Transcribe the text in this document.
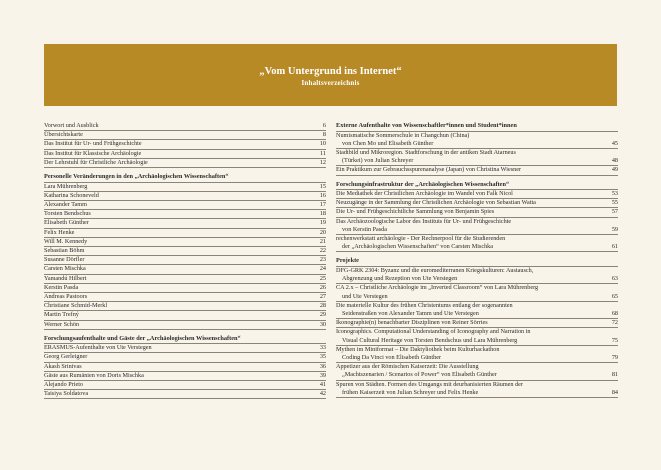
„Vom Untergrund ins Internet“
Inhaltsverzeichnis
Vorwort und Ausblick	6
Übersichtskarte	8
Das Institut für Ur- und Frühgeschichte	10
Das Institut für Klassische Archäologie	11
Der Lehrstuhl für Christliche Archäologie	12
Personelle Veränderungen in den „Archäologischen Wissenschaften“
Lara Mührenberg	15
Katharina Schoneveld	16
Alexander Tamm	17
Torsten Bendschus	18
Elisabeth Günther	19
Felix Henke	20
Will M. Kennedy	21
Sebastian Böhm	22
Susanne Dörfler	23
Carsten Mischka	24
Yamandú Hilbert	25
Kerstin Pasda	26
Andreas Pastoors	27
Christiane Schmid-Merkl	28
Martin Trefný	29
Werner Schön	30
Forschungsaufenthalte und Gäste der „Archäologischen Wissenschaften“
ERASMUS-Aufenthalte von Ute Verstegen	33
Georg Gerleigner	35
Akash Srinivas	36
Gäste aus Rumänien von Doris Mischka	39
Alejando Prieto	41
Taisiya Soldatova	42
Externe Aufenthalte von Wissenschaftler*innen und Student*innen
Numismatische Sommerschule in Changchun (China)
von Chen Mo und Elisabeth Günther	45
Stadtbild und Mikroregion. Stadtforschung in der antiken Stadt Atarneus
(Türkei) von Julian Schreyer	48
Ein Praktikum zur Gebrauchsspurenanalyse (Japan) von Christina Wiesner	49
Forschungsinfrastruktur der „Archäologischen Wissenschaften“
Die Mediathek der Christlichen Archäologie im Wandel von Falk Nicol	53
Neuzugänge in der Sammlung der Christlichen Archäologie von Sebastian Watta	55
Die Ur- und Frühgeschichtliche Sammlung von Benjamin Spies	57
Das Archäozoologische Labor des Instituts für Ur- und Frühgeschichte
von Kerstin Pasda	59
rechenwerkstatt archäologie - Der Rechnerpool für die Studierenden
der „Archäologischen Wissenschaften“ von Carsten Mischka	61
Projekte
DFG-GRK 2304: Byzanz und die euromediterranen Kriegskulturen: Austausch,
Abgrenzung und Rezeption von Ute Verstegen	63
CA 2.x – Christliche Archäologie im „Inverted Classroom“ von Lara Mührenberg
und Ute Verstegen	65
Die materielle Kultur des frühen Christentums entlang der sogenannten
Seidenstraßen von Alexander Tamm und Ute Verstegen	68
Ikonographie(n) benachbarter Disziplinen von Reiner Sörries	72
Iconographics. Computational Understanding of Iconography and Narration in
Visual Cultural Heritage von Torsten Bendschus und Lara Mührenberg	75
Mythen im Miniformat – Die Daktyliothek beim Kulturhackathon
Coding Da Vinci von Elisabeth Günther	79
Appetizer aus der Römischen Kaiserzeit: Die Ausstellung
„Machtszenarien / Scenarios of Power“ von Elisabeth Günther	81
Spuren von Städten. Formen des Umgangs mit deurbanisierten Räumen der
frühen Kaiserzeit von Julian Schreyer und Felix Henke	84
